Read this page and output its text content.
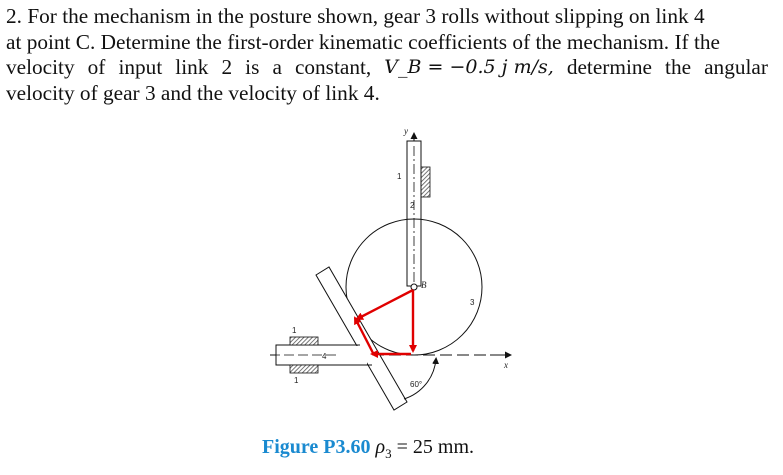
2. For the mechanism in the posture shown, gear 3 rolls without slipping on link 4
at point C. Determine the first-order kinematic coefficients of the mechanism. If the
velocity of input link 2 is a constant, V_B = −0.5 j m/s, determine the angular
velocity of gear 3 and the velocity of link 4.
y
2
1
B
3
x
4
1
1	60°
Figure P3.60 $\rho_3 = 25$ mm.
